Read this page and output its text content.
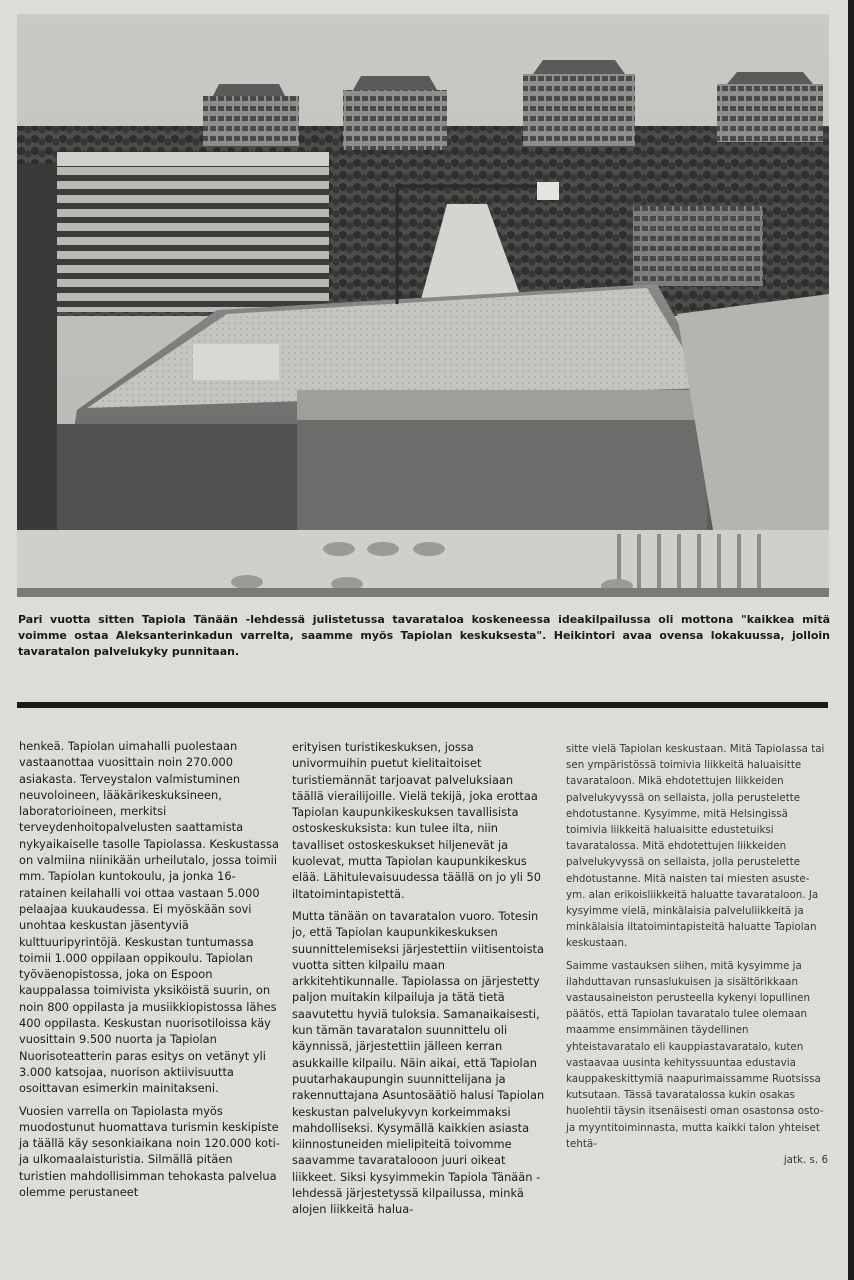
Pari vuotta sitten Tapiola Tänään -lehdessä julistetussa tavarataloa koskeneessa ideakilpailussa oli mottona "kaikkea mitä voimme ostaa Aleksanterinkadun varrelta, saamme myös Tapiolan keskuksesta". Heikintori avaa ovensa lokakuussa, jolloin tavaratalon palvelukyky punnitaan.

henkeä. Tapiolan uimahalli puolestaan vastaanottaa vuosittain noin 270.000 asiakasta. Terveystalon valmistuminen neuvoloineen, lääkärikeskuksineen, laboratorioineen, merkitsi terveydenhoitopalvelusten saattamista nykyaikaiselle tasolle Tapiolassa. Keskustassa on valmiina niinikään urheilutalo, jossa toimii mm. Tapiolan kuntokoulu, ja jonka 16-ratainen keilahalli voi ottaa vastaan 5.000 pelaajaa kuukaudessa. Ei myöskään sovi unohtaa keskustan jäsentyviä kulttuuripyrintöjä. Keskustan tuntumassa toimii 1.000 oppilaan oppikoulu. Tapiolan työväenopistossa, joka on Espoon kauppalassa toimivista yksiköistä suurin, on noin 800 oppilasta ja musiikkiopistossa lähes 400 oppilasta. Keskustan nuorisotiloissa käy vuosittain 9.500 nuorta ja Tapiolan Nuorisoteatterin paras esitys on vetänyt yli 3.000 katsojaa, nuorison aktiivisuutta osoittavan esimerkin mainitakseni.

Vuosien varrella on Tapiolasta myös muodostunut huomattava turismin keskipiste ja täällä käy sesonkiaikana noin 120.000 koti- ja ulkomaalaisturistia. Silmällä pitäen turistien mahdollisimman tehokasta palvelua olemme perustaneet

erityisen turistikeskuksen, jossa univormuihin puetut kielitaitoiset turistiemännät tarjoavat palveluksiaan täällä vierailijoille. Vielä tekijä, joka erottaa Tapiolan kaupunkikeskuksen tavallisista ostoskeskuksista: kun tulee ilta, niin tavalliset ostoskeskukset hiljenevät ja kuolevat, mutta Tapiolan kaupunkikeskus elää. Lähitulevaisuudessa täällä on jo yli 50 iltatoimintapistettä.

Mutta tänään on tavaratalon vuoro. Totesin jo, että Tapiolan kaupunkikeskuksen suunnittelemiseksi järjestettiin viitisentoista vuotta sitten kilpailu maan arkkitehtikunnalle. Tapiolassa on järjestetty paljon muitakin kilpailuja ja tätä tietä saavutettu hyviä tuloksia. Samanaikaisesti, kun tämän tavaratalon suunnittelu oli käynnissä, järjestettiin jälleen kerran asukkaille kilpailu. Näin aikai, että Tapiolan puutarhakaupungin suunnittelijana ja rakennuttajana Asuntosäätiö halusi Tapiolan keskustan palvelukyvyn korkeimmaksi mahdolliseksi. Kysymällä kaikkien asiasta kiinnostuneiden mielipiteitä toivomme saavamme tavaratalooon juuri oikeat liikkeet. Siksi kysyimmekin Tapiola Tänään -lehdessä järjestetyssä kilpailussa, minkä alojen liikkeitä halua-

sitte vielä Tapiolan keskustaan. Mitä Tapiolassa tai sen ympäristössä toimivia liikkeitä haluaisitte tavarataloon. Mikä ehdotettujen liikkeiden palvelukyvyssä on sellaista, jolla perustelette ehdotustanne. Kysyimme, mitä Helsingissä toimivia liikkeitä haluaisitte edustetuiksi tavaratalossa. Mitä ehdotettujen liikkeiden palvelukyvyssä on sellaista, jolla perustelette ehdotustanne. Mitä naisten tai miesten asuste- ym. alan erikoisliikkeitä haluatte tavarataloon. Ja kysyimme vielä, minkälaisia palveluliikkeitä ja minkälaisia iltatoimintapisteitä haluatte Tapiolan keskustaan.

Saimme vastauksen siihen, mitä kysyimme ja ilahduttavan runsaslukuisen ja sisältörikkaan vastausaineiston perusteella kykenyi lopullinen päätös, että Tapiolan tavaratalo tulee olemaan maamme ensimmäinen täydellinen yhteistavaratalo eli kauppiastavaratalo, kuten vastaavaa uusinta kehityssuuntaa edustavia kauppakeskittymiä naapurimaissamme Ruotsissa kutsutaan. Tässä tavaratalossa kukin osakas huolehtii täysin itsenäisesti oman osastonsa osto- ja myyntitoiminnasta, mutta kaikki talon yhteiset tehtä-

jatk. s. 6
